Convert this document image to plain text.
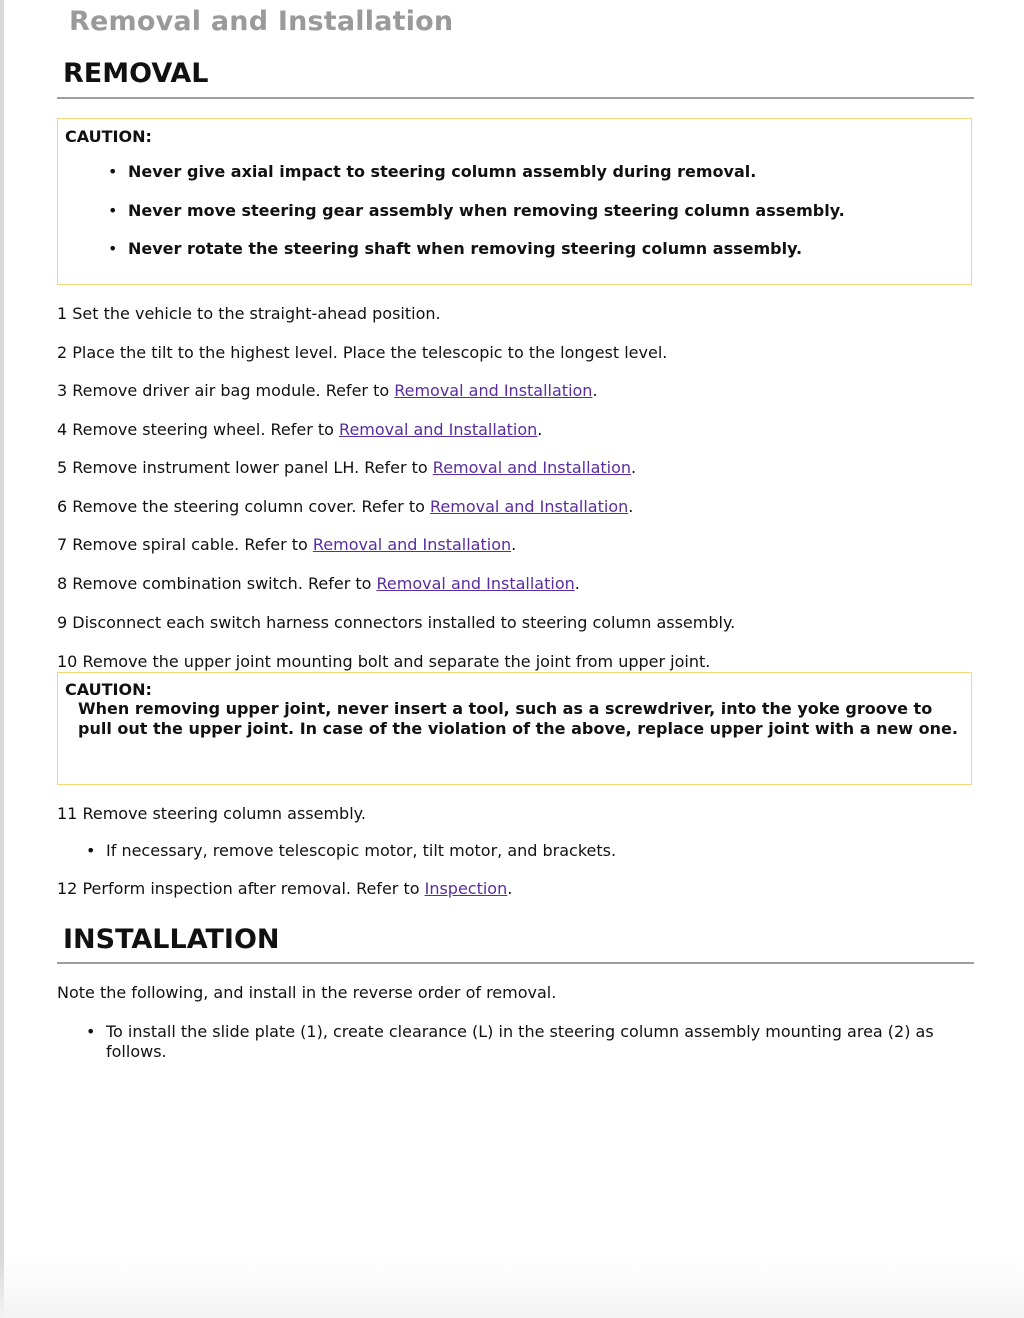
Removal and Installation
REMOVAL

CAUTION:

• Never give axial impact to steering column assembly during removal.
• Never move steering gear assembly when removing steering column assembly.
• Never rotate the steering shaft when removing steering column assembly.
1 Set the vehicle to the straight-ahead position.
2 Place the tilt to the highest level. Place the telescopic to the longest level.
3 Remove driver air bag module. Refer to Removal and Installation.
4 Remove steering wheel. Refer to Removal and Installation.
5 Remove instrument lower panel LH. Refer to Removal and Installation.
6 Remove the steering column cover. Refer to Removal and Installation.
7 Remove spiral cable. Refer to Removal and Installation.
8 Remove combination switch. Refer to Removal and Installation.
9 Disconnect each switch harness connectors installed to steering column assembly.
10 Remove the upper joint mounting bolt and separate the joint from upper joint.

CAUTION:

When removing upper joint, never insert a tool, such as a screwdriver, into the yoke groove to pull out the upper joint. In case of the violation of the above, replace upper joint with a new one.
11 Remove steering column assembly.
• If necessary, remove telescopic motor, tilt motor, and brackets.
12 Perform inspection after removal. Refer to Inspection.
INSTALLATION
Note the following, and install in the reverse order of removal.
• To install the slide plate (1), create clearance (L) in the steering column assembly mounting area (2) as follows.
